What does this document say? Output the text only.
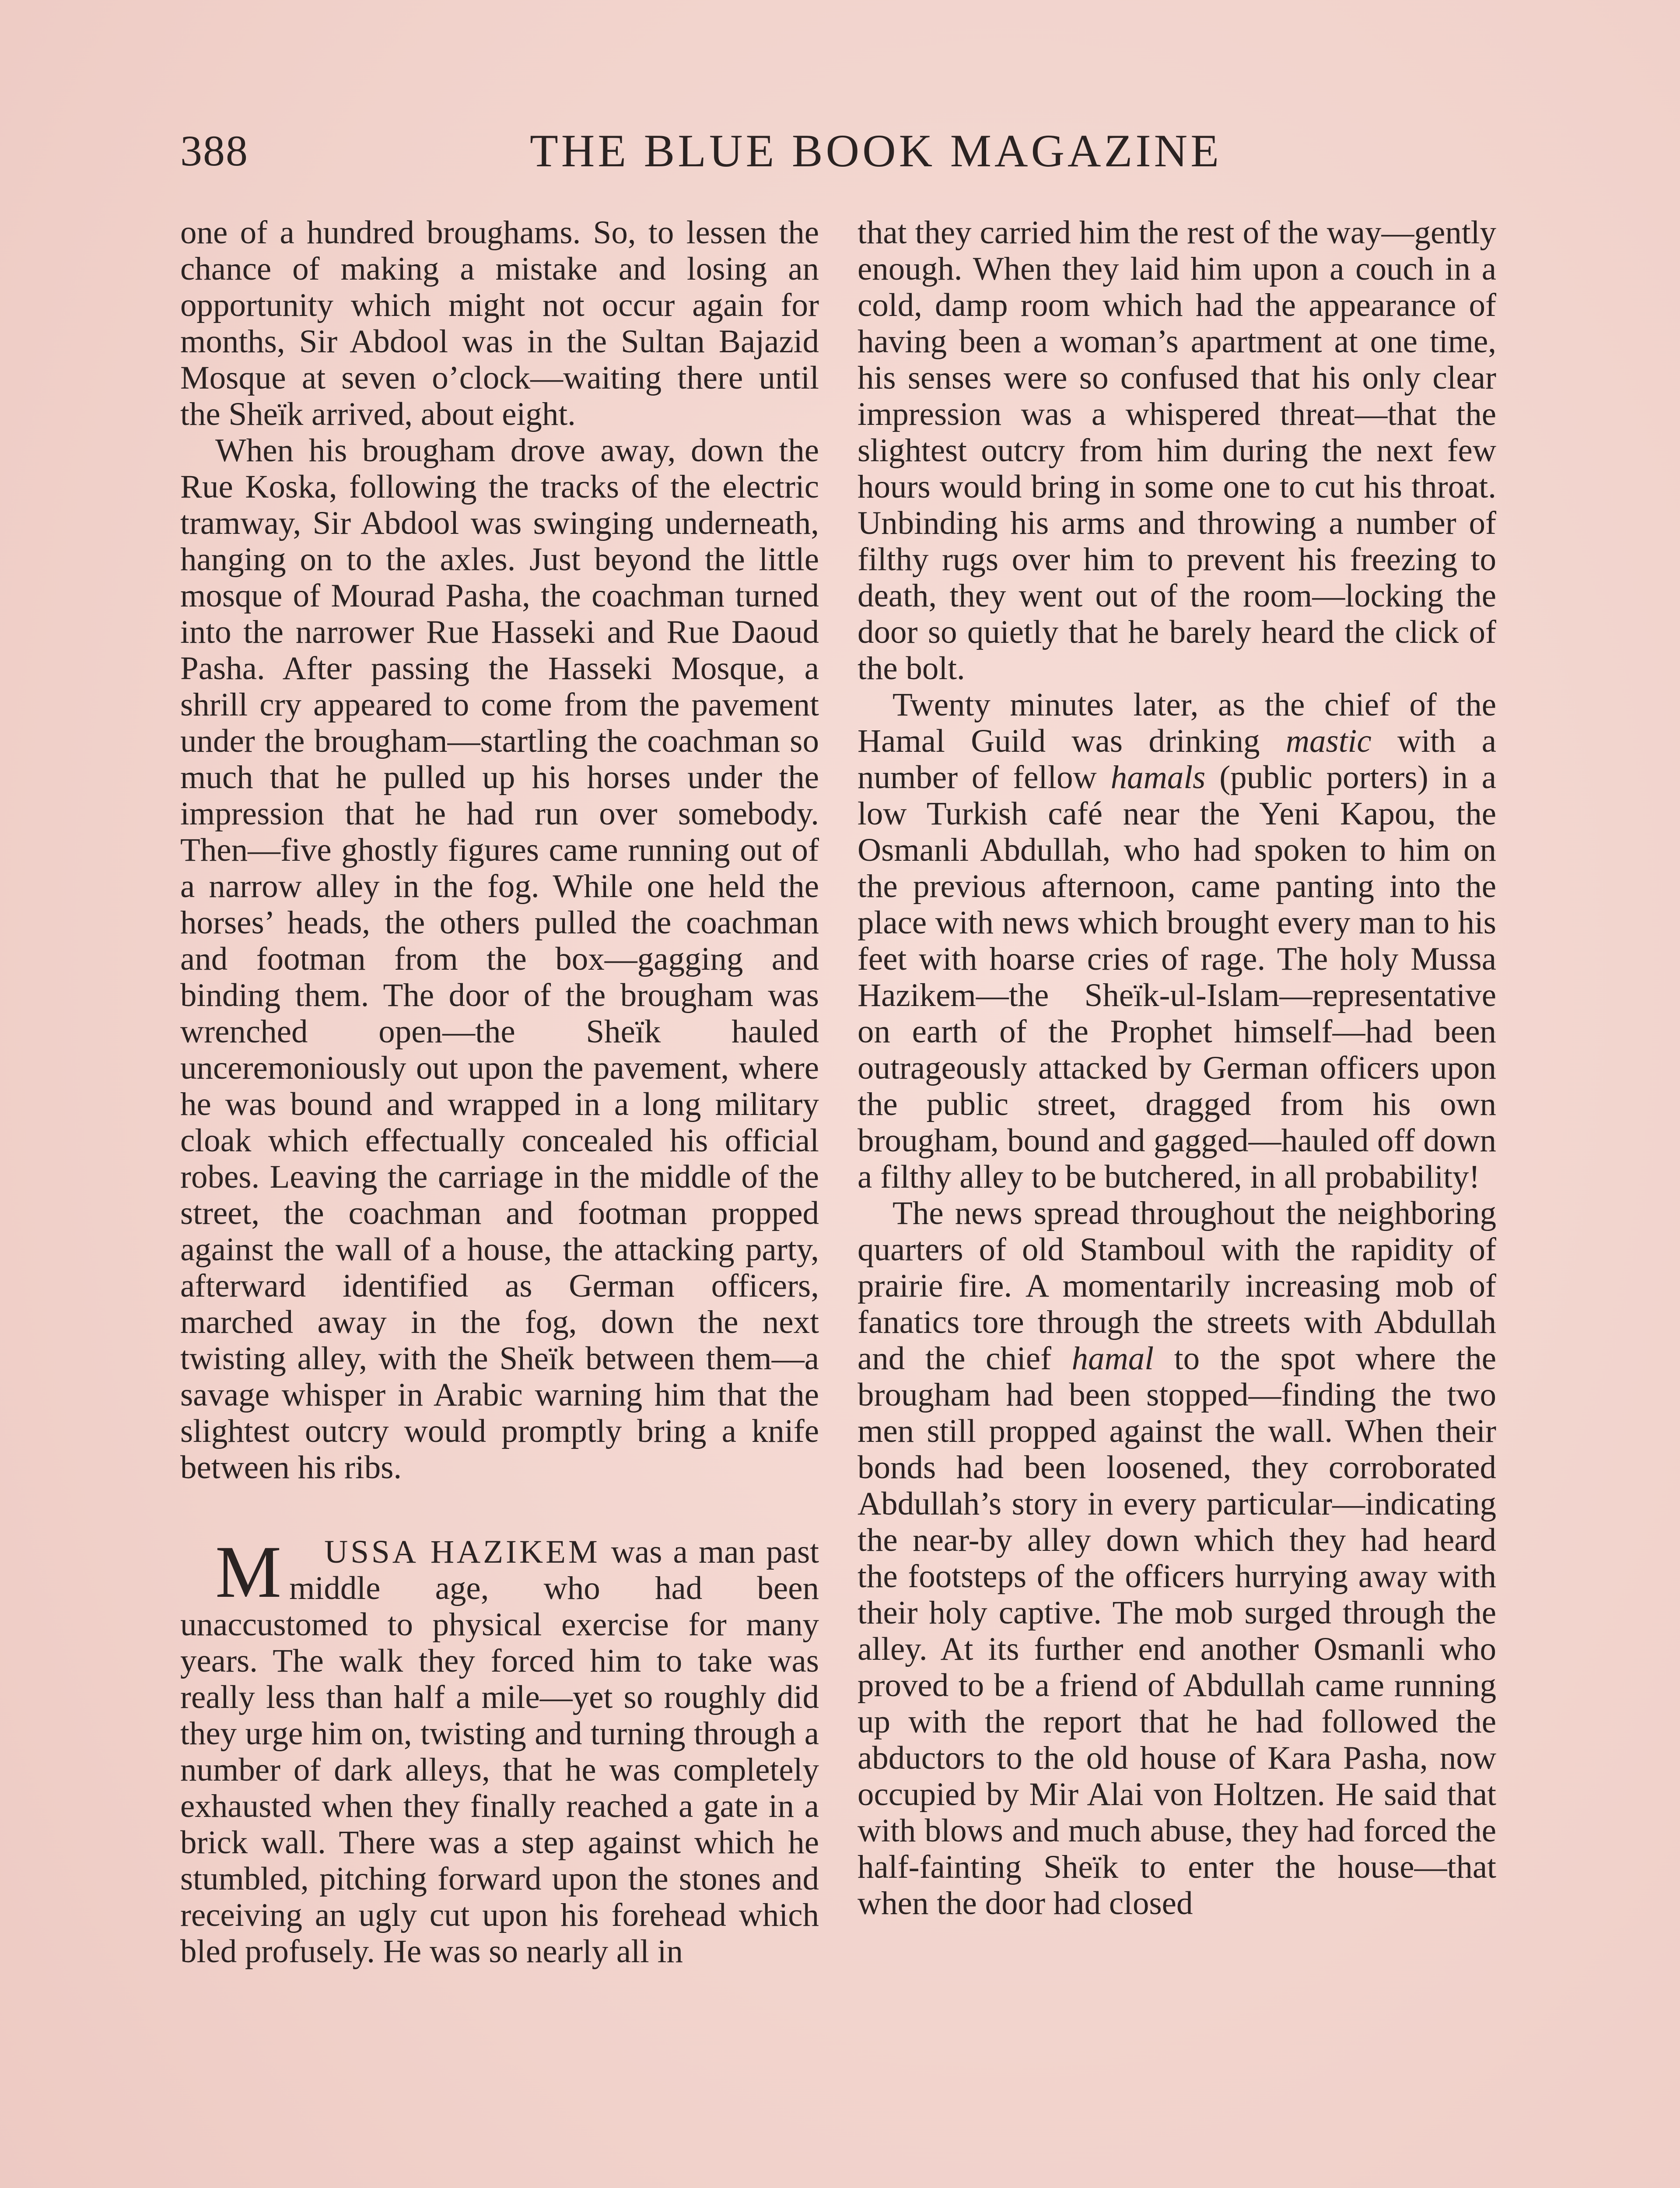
388	THE BLUE BOOK MAGAZINE

one of a hundred broughams. So, to lessen the chance of making a mistake and losing an opportunity which might not occur again for months, Sir Abdool was in the Sultan Bajazid Mosque at seven o’clock—waiting there until the Sheïk arrived, about eight.

When his brougham drove away, down the Rue Koska, following the tracks of the electric tramway, Sir Abdool was swinging underneath, hanging on to the axles. Just beyond the little mosque of Mourad Pasha, the coachman turned into the narrower Rue Hasseki and Rue Daoud Pasha. After passing the Hasseki Mosque, a shrill cry appeared to come from the pavement under the brougham—startling the coachman so much that he pulled up his horses under the impression that he had run over somebody. Then—five ghostly figures came running out of a narrow alley in the fog. While one held the horses’ heads, the others pulled the coachman and footman from the box—gagging and binding them. The door of the brougham was wrenched open—the Sheïk hauled unceremoniously out upon the pavement, where he was bound and wrapped in a long military cloak which effectually concealed his official robes. Leaving the carriage in the middle of the street, the coachman and footman propped against the wall of a house, the attacking party, afterward identified as German officers, marched away in the fog, down the next twisting alley, with the Sheïk between them—a savage whisper in Arabic warning him that the slightest outcry would promptly bring a knife between his ribs.

M USSA HAZIKEM was a man past middle age, who had been unaccustomed to physical exercise for many years. The walk they forced him to take was really less than half a mile—yet so roughly did they urge him on, twisting and turning through a number of dark alleys, that he was completely exhausted when they finally reached a gate in a brick wall. There was a step against which he stumbled, pitching forward upon the stones and receiving an ugly cut upon his forehead which bled profusely. He was so nearly all in

that they carried him the rest of the way—gently enough. When they laid him upon a couch in a cold, damp room which had the appearance of having been a woman’s apartment at one time, his senses were so confused that his only clear impression was a whispered threat—that the slightest outcry from him during the next few hours would bring in some one to cut his throat. Unbinding his arms and throwing a number of filthy rugs over him to prevent his freezing to death, they went out of the room—locking the door so quietly that he barely heard the click of the bolt.

Twenty minutes later, as the chief of the Hamal Guild was drinking mastic with a number of fellow hamals (public porters) in a low Turkish café near the Yeni Kapou, the Osmanli Abdullah, who had spoken to him on the previous afternoon, came panting into the place with news which brought every man to his feet with hoarse cries of rage. The holy Mussa Hazikem—the Sheïk-ul-Islam—representative on earth of the Prophet himself—had been outrageously attacked by German officers upon the public street, dragged from his own brougham, bound and gagged—hauled off down a filthy alley to be butchered, in all probability!

The news spread throughout the neighboring quarters of old Stamboul with the rapidity of prairie fire. A momentarily increasing mob of fanatics tore through the streets with Abdullah and the chief hamal to the spot where the brougham had been stopped—finding the two men still propped against the wall. When their bonds had been loosened, they corroborated Abdullah’s story in every particular—indicating the near-by alley down which they had heard the footsteps of the officers hurrying away with their holy captive. The mob surged through the alley. At its further end another Osmanli who proved to be a friend of Abdullah came running up with the report that he had followed the abductors to the old house of Kara Pasha, now occupied by Mir Alai von Holtzen. He said that with blows and much abuse, they had forced the half-fainting Sheïk to enter the house—that when the door had closed
